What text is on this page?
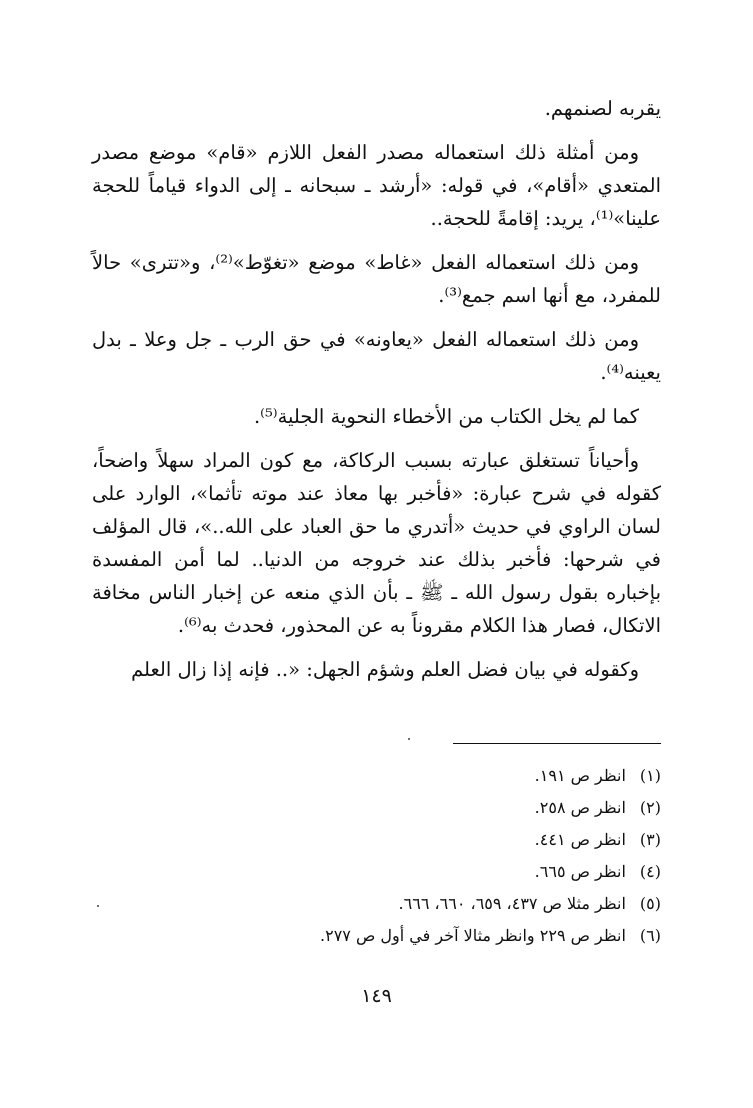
يقربه لصنمهم.

ومن أمثلة ذلك استعماله مصدر الفعل اللازم «قام» موضع مصدر المتعدي «أقام»، في قوله: «أرشد ـ سبحانه ـ إلى الدواء قياماً للحجة علينا»⁽¹⁾، يريد: إقامةً للحجة..

ومن ذلك استعماله الفعل «غاط» موضع «تغوّط»⁽²⁾، و«تترى» حالاً للمفرد، مع أنها اسم جمع⁽³⁾.

ومن ذلك استعماله الفعل «يعاونه» في حق الرب ـ جل وعلا ـ بدل يعينه⁽⁴⁾.

كما لم يخل الكتاب من الأخطاء النحوية الجلية⁽⁵⁾.

وأحياناً تستغلق عبارته بسبب الركاكة، مع كون المراد سهلاً واضحاً، كقوله في شرح عبارة: «فأخبر بها معاذ عند موته تأثما»، الوارد على لسان الراوي في حديث «أتدري ما حق العباد على الله..»، قال المؤلف في شرحها: فأخبر بذلك عند خروجه من الدنيا.. لما أمن المفسدة بإخباره بقول رسول الله ـ ﷺ ـ بأن الذي منعه عن إخبار الناس مخافة الاتكال، فصار هذا الكلام مقروناً به عن المحذور، فحدث به⁽⁶⁾.

وكقوله في بيان فضل العلم وشؤم الجهل: «.. فإنه إذا زال العلم

(١) انظر ص ١٩١.
(٢) انظر ص ٢٥٨.
(٣) انظر ص ٤٤١.
(٤) انظر ص ٦٦٥.
(٥) انظر مثلا ص ٤٣٧، ٦٥٩، ٦٦٠، ٦٦٦.
(٦) انظر ص ٢٢٩ وانظر مثالا آخر في أول ص ٢٧٧.
١٤٩
